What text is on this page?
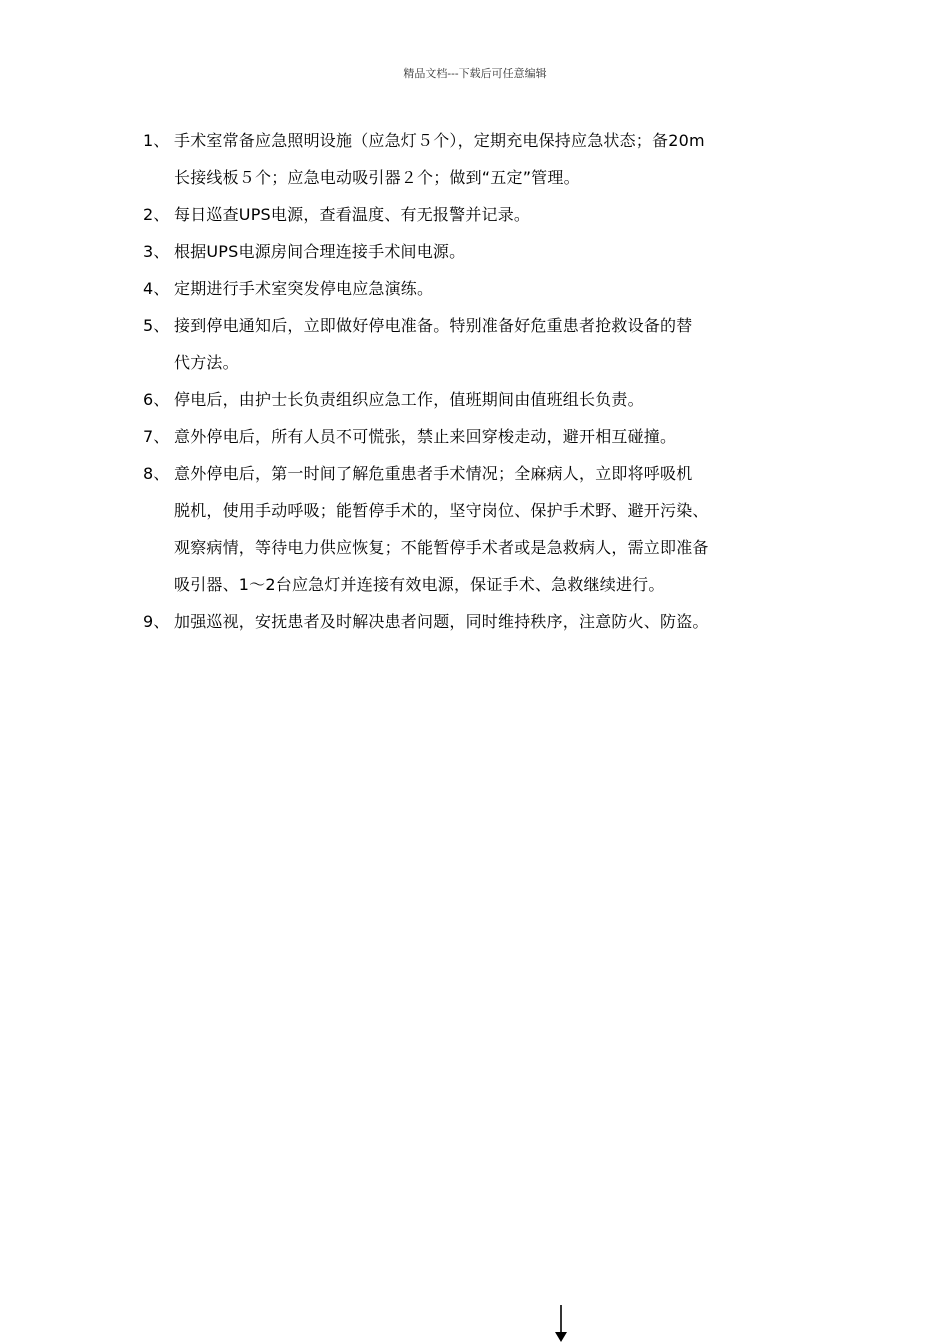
精品文档---下载后可任意编辑
1、 手术室常备应急照明设施（应急灯５个），定期充电保持应急状态；备20m
长接线板５个；应急电动吸引器２个；做到“五定”管理。
2、 每日巡查UPS电源，查看温度、有无报警并记录。
3、 根据UPS电源房间合理连接手术间电源。
4、 定期进行手术室突发停电应急演练。
5、 接到停电通知后，立即做好停电准备。特别准备好危重患者抢救设备的替
代方法。
6、 停电后，由护士长负责组织应急工作，值班期间由值班组长负责。
7、 意外停电后，所有人员不可慌张，禁止来回穿梭走动，避开相互碰撞。
8、 意外停电后，第一时间了解危重患者手术情况；全麻病人，立即将呼吸机
脱机，使用手动呼吸；能暂停手术的，坚守岗位、保护手术野、避开污染、
观察病情，等待电力供应恢复；不能暂停手术者或是急救病人，需立即准备
吸引器、1～2台应急灯并连接有效电源，保证手术、急救继续进行。
9、 加强巡视，安抚患者及时解决患者问题，同时维持秩序，注意防火、防盗。
